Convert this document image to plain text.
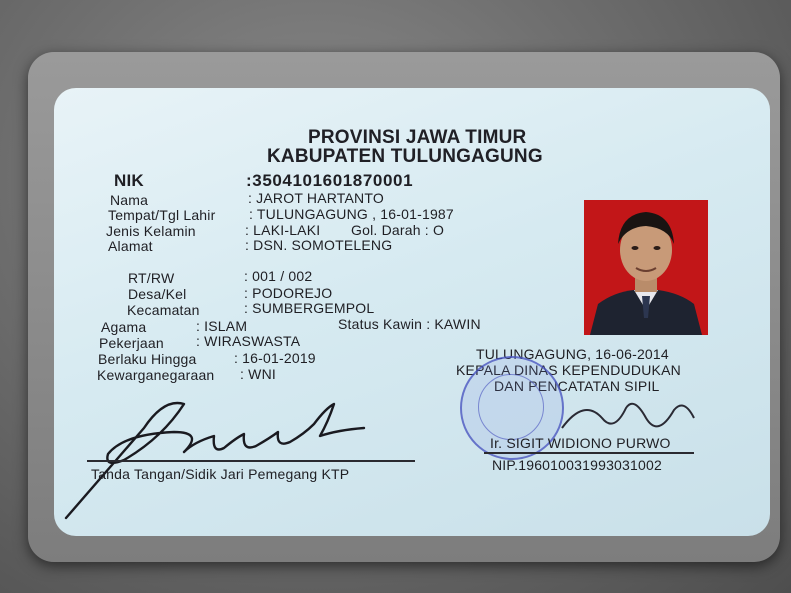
PROVINSI JAWA TIMUR
KABUPATEN TULUNGAGUNG
NIK	:3504101601870001
Nama	: JAROT HARTANTO
Tempat/Tgl Lahir : TULUNGAGUNG , 16-01-1987
Jenis Kelamin	: LAKI-LAKI Gol. Darah : O
Alamat	: DSN. SOMOTELENG
RT/RW	: 001 / 002
Desa/Kel	: PODOREJO
Kecamatan	: SUMBERGEMPOL
Agama	: ISLAM	Status Kawin : KAWIN
Pekerjaan : WIRASWASTA
Berlaku Hingga	: 16-01-2019
Kewarganegaraan : WNI
TULUNGAGUNG, 16-06-2014
KEPALA DINAS KEPENDUDUKAN
DAN PENCATATAN SIPIL
Ir. SIGIT WIDIONO PURWO
NIP.196010031993031002
Tanda Tangan/Sidik Jari Pemegang KTP
